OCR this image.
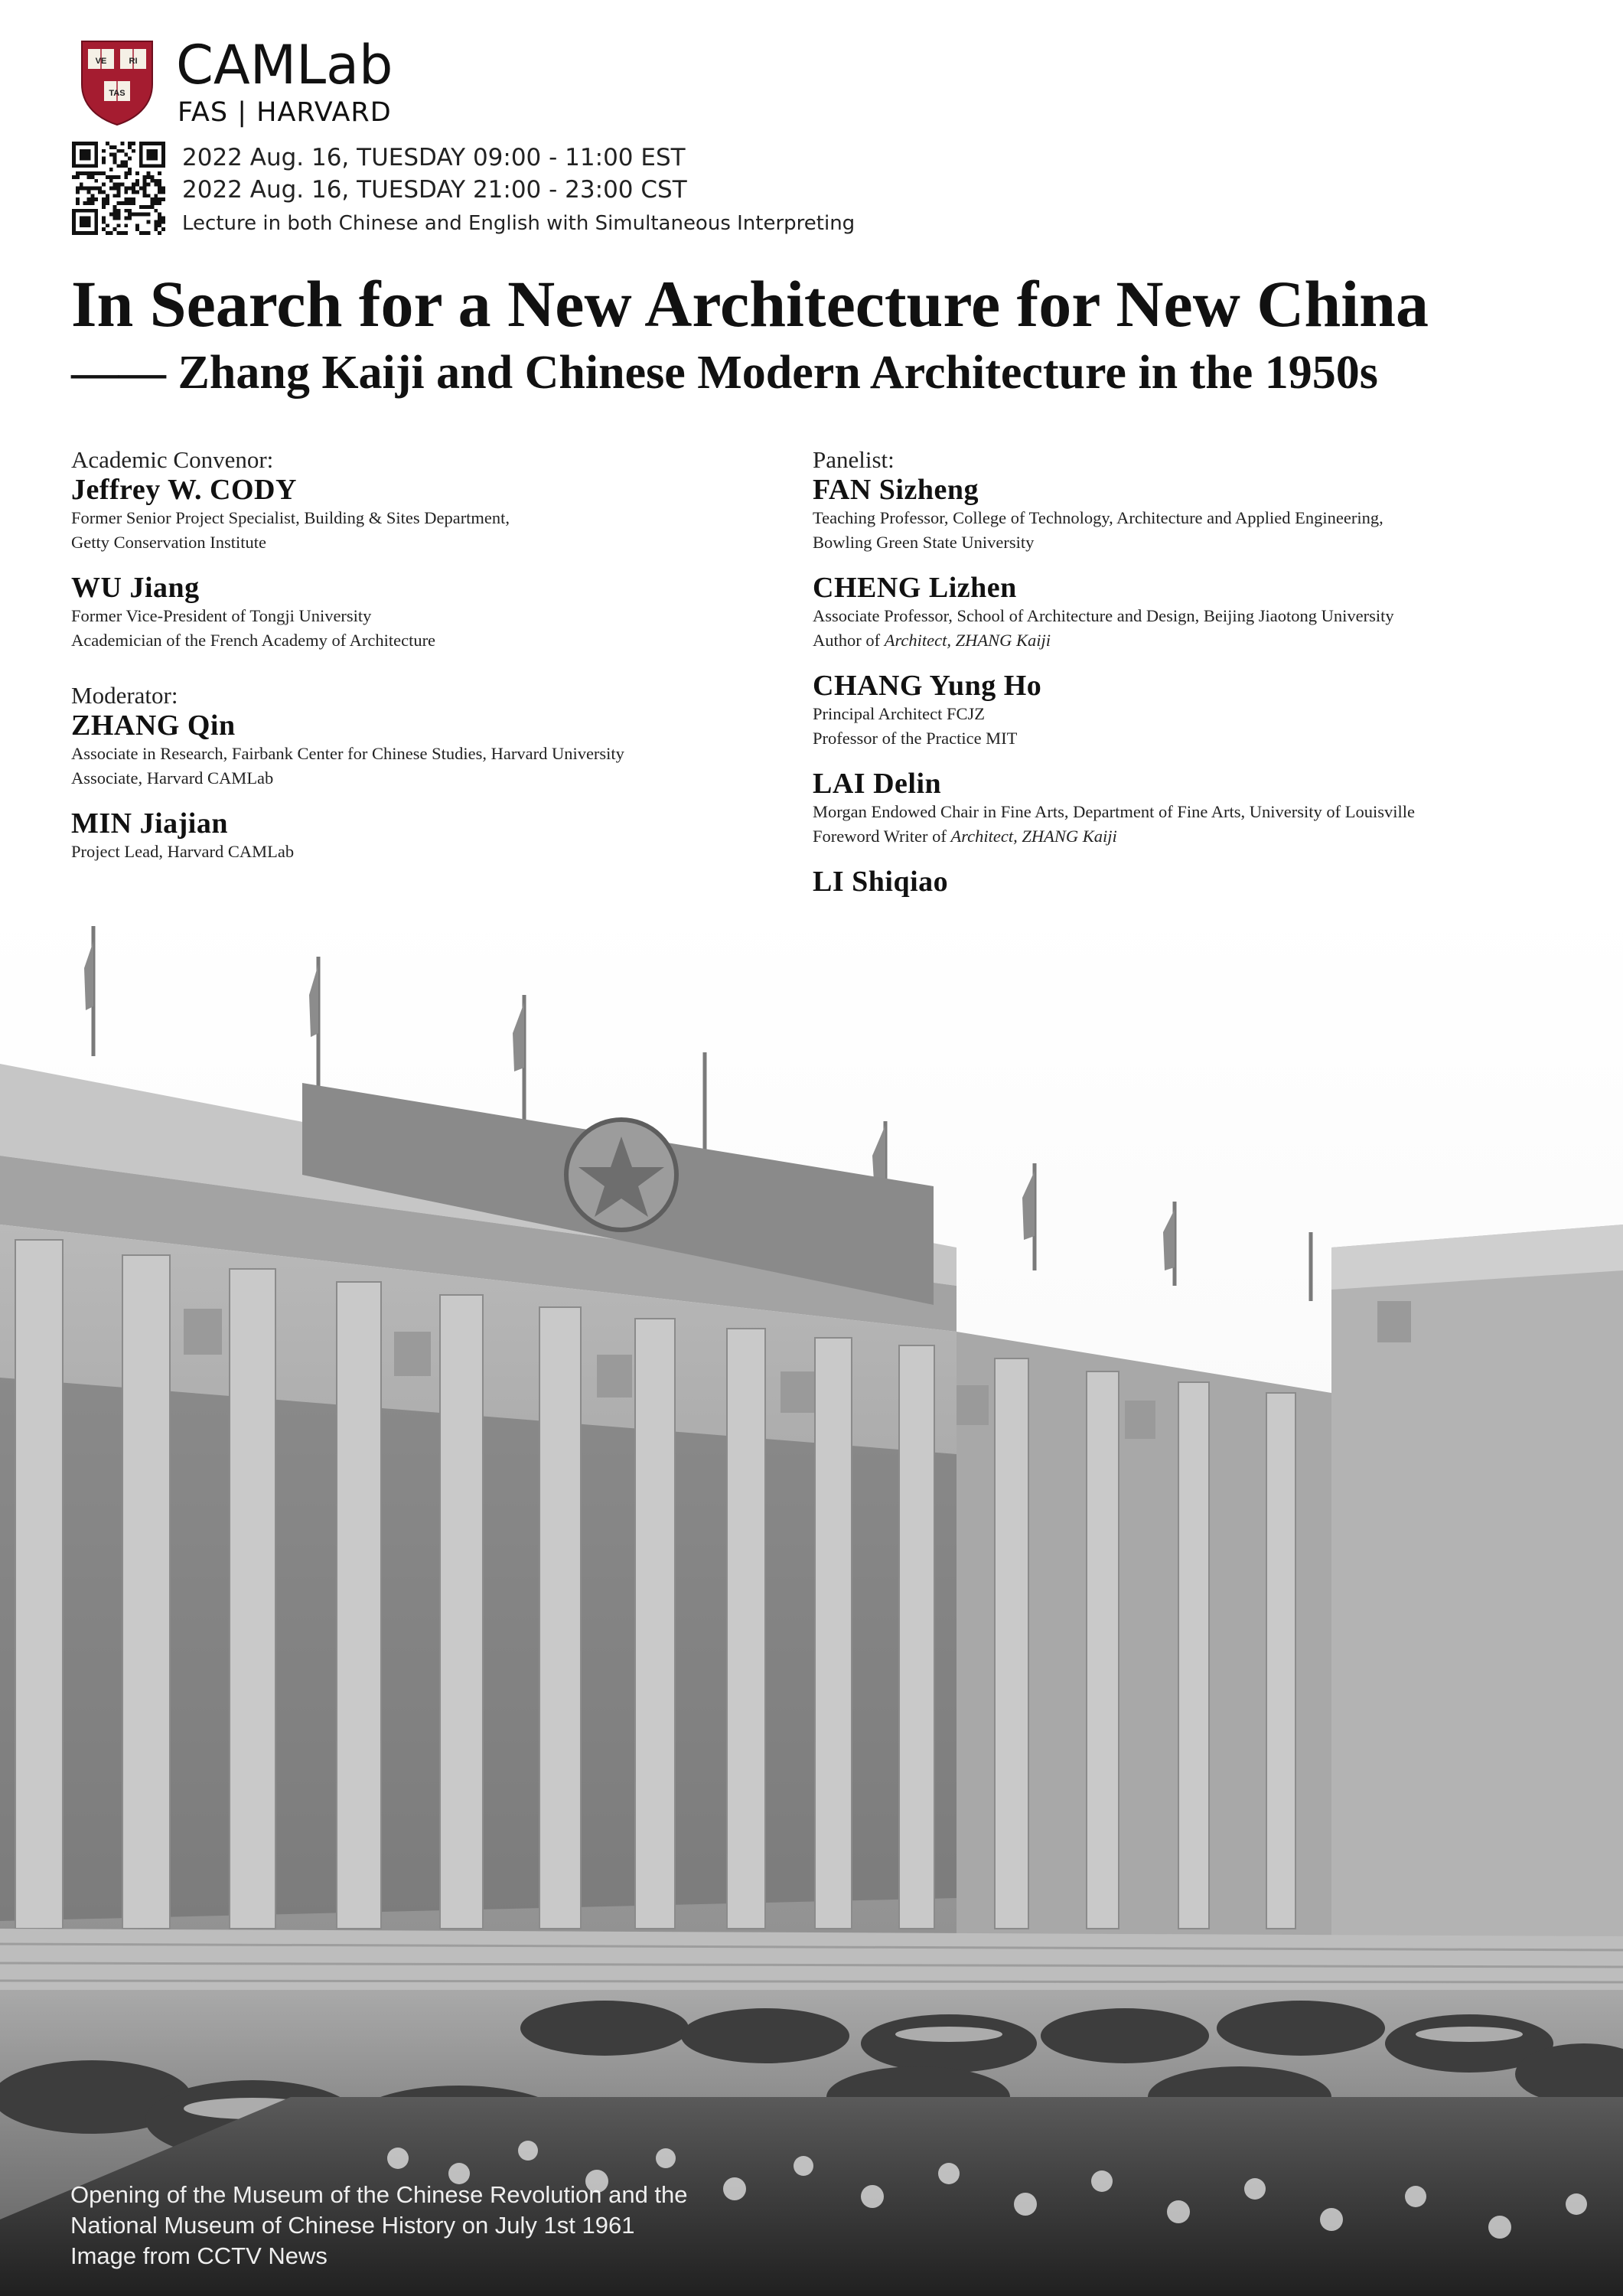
VE	RI
TAS CAMLab
FAS | HARVARD
2022 Aug. 16, TUESDAY 09:00 - 11:00 EST
2022 Aug. 16, TUESDAY 21:00 - 23:00 CST
Lecture in both Chinese and English with Simultaneous Interpreting
In Search for a New Architecture for New China
—— Zhang Kaiji and Chinese Modern Architecture in the 1950s
Academic Convenor:
Jeffrey W. CODY
Former Senior Project Specialist, Building & Sites Department,
Getty Conservation Institute
WU Jiang
Former Vice-President of Tongji University
Academician of the French Academy of Architecture
Moderator:
ZHANG Qin
Associate in Research, Fairbank Center for Chinese Studies, Harvard University
Associate, Harvard CAMLab
MIN Jiajian
Project Lead, Harvard CAMLab
Panelist:
FAN Sizheng
Teaching Professor, College of Technology, Architecture and Applied Engineering,
Bowling Green State University
CHENG Lizhen
Associate Professor, School of Architecture and Design, Beijing Jiaotong University
Author of Architect, ZHANG Kaiji
CHANG Yung Ho
Principal Architect FCJZ
Professor of the Practice MIT
LAI Delin
Morgan Endowed Chair in Fine Arts, Department of Fine Arts, University of Louisville
Foreword Writer of Architect, ZHANG Kaiji
LI Shiqiao
Opening of the Museum of the Chinese Revolution and the
National Museum of Chinese History on July 1st 1961
Image from CCTV News
